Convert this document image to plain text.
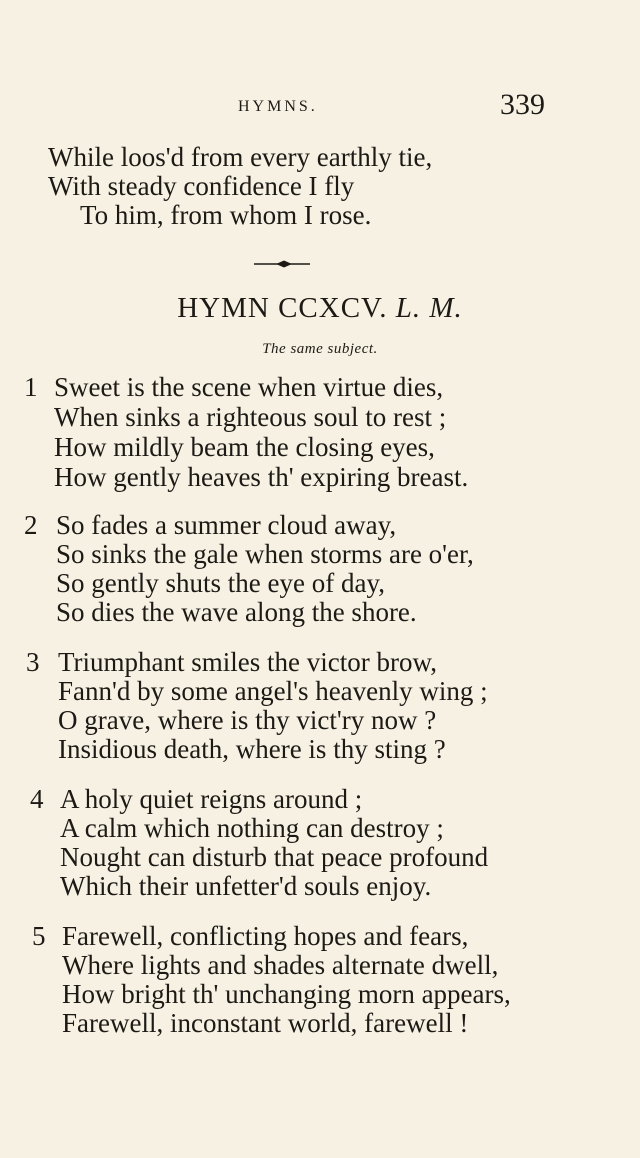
HYMNS.	339
While loos'd from every earthly tie,
With steady confidence I fly
To him, from whom I rose.
HYMN CCXCV. L. M.
The same subject.
1 Sweet is the scene when virtue dies,
When sinks a righteous soul to rest ;
How mildly beam the closing eyes,
How gently heaves th' expiring breast.
2 So fades a summer cloud away,
So sinks the gale when storms are o'er,
So gently shuts the eye of day,
So dies the wave along the shore.
3 Triumphant smiles the victor brow,
Fann'd by some angel's heavenly wing ;
O grave, where is thy vict'ry now ?
Insidious death, where is thy sting ?
4 A holy quiet reigns around ;
A calm which nothing can destroy ;
Nought can disturb that peace profound
Which their unfetter'd souls enjoy.
5 Farewell, conflicting hopes and fears,
Where lights and shades alternate dwell,
How bright th' unchanging morn appears,
Farewell, inconstant world, farewell !
